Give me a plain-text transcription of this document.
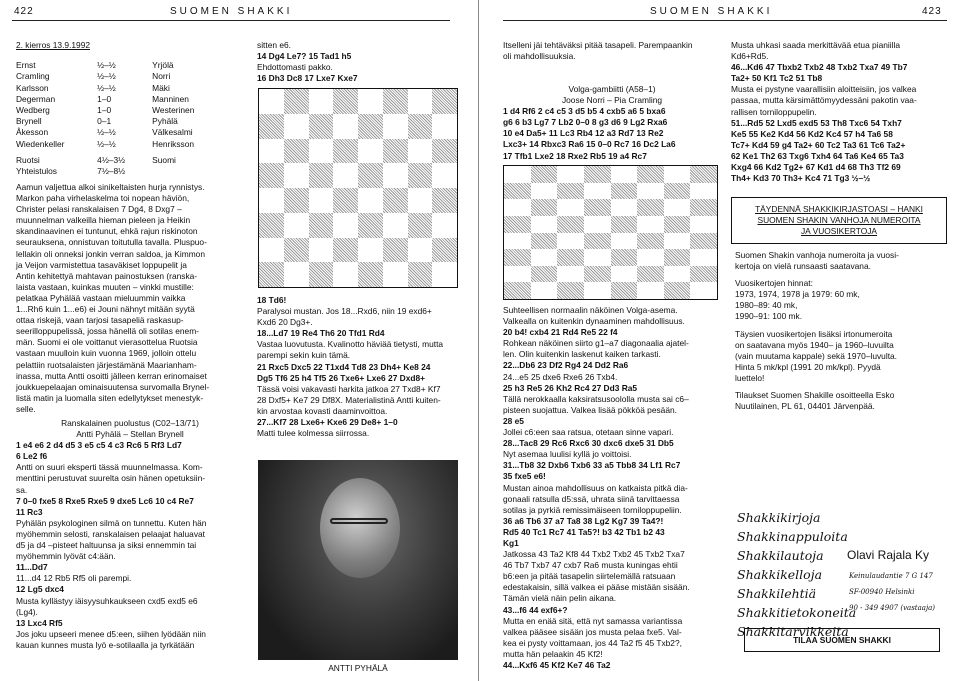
422	SUOMEN SHAKKI	SUOMEN SHAKKI	423

2. kierros 13.9.1992

Ernst	½–½	Yrjölä
Cramling	½–½	Norri
Karlsson	½–½	Mäki
Degerman	1–0	Manninen
Wedberg	1–0	Westerinen
Brynell	0–1	Pyhälä
Åkesson	½–½	Välkesalmi
Wiedenkeller	½–½	Henriksson
Ruotsi	4½–3½	Suomi
Yhteistulos	7½–8½	

Aamun valjettua alkoi sinikeltaisten hurja rynnistys.

Markon paha virhelaskelma toi nopean häviön,

Christer pelasi ranskalaisen 7 Dg4, 8 Dxg7 –

muunnelman valkeilla hieman pieleen ja Heikin

skandinaavinen ei tuntunut, ehkä rajun riskinoton

seurauksena, onnistuvan toitutulla tavalla. Pluspuo-

lellakin oli onneksi jonkin verran saldoa, ja Kimmon

ja Veijon varmistettua tasaväkiset loppupelit ja

Antin kehitettyä mahtavan painostuksen (ranska-

laista vastaan, kuinkas muuten – vinkki mustille:

pelatkaa Pyhälää vastaan mieluummin vaikka

1...Rh6 kuin 1...e6) ei Jouni nähnyt mitään syytä

ottaa riskejä, vaan tarjosi tasapeliä raskasup-

seerilloppupelissä, jossa hänellä oli sotilas enem-

män. Suomi ei ole voittanut vierasottelua Ruotsia

vastaan muulloin kuin vuonna 1969, jolloin ottelu

pelattiin ruotsalaisten järjestämänä Maarianham-

inassa, mutta Antti osoitti jälleen kerran erinomaiset

joukkuepelaajan ominaisuutensa survomalla Brynel-

listä matin ja luomalla siten edellytykset menestyk-

selle.

Ranskalainen puolustus (C02–13/71)

Antti Pyhälä – Stellan Brynell

1 e4 e6 2 d4 d5 3 e5 c5 4 c3 Rc6 5 Rf3 Ld7

6 Le2 f6

Antti on suuri eksperti tässä muunnelmassa. Kom-

menttini perustuvat suurelta osin hänen opetuksiin-

sa.

7 0–0 fxe5 8 Rxe5 Rxe5 9 dxe5 Lc6 10 c4 Re7

11 Rc3

Pyhälän psykologinen silmä on tunnettu. Kuten hän

myöhemmin selosti, ranskalaisen pelaajat haluavat

d5 ja d4 –pisteet haltuunsa ja siksi ennemmin tai

myöhemmin lyövät c4:ään.

11...Dd7

11...d4 12 Rb5 Rf5 oli parempi.

12 Lg5 dxc4

Musta kyllästyy iäisyysuhkaukseen cxd5 exd5 e6

(Lg4).

13 Lxc4 Rf5

Jos joku upseeri menee d5:een, siihen lyödään niin

kauan kunnes musta lyö e-sotilaalla ja tyrkätään

sitten e6.

14 Dg4 Le7? 15 Tad1 h5

Ehdottomasti pakko.

16 Dh3 Dc8 17 Lxe7 Kxe7

18 Td6!

Paralysoi mustan. Jos 18...Rxd6, niin 19 exd6+

Kxd6 20 Dg3+.

18...Ld7 19 Re4 Th6 20 Tfd1 Rd4

Vastaa luovutusta. Kvalinotto häviää tietysti, mutta

parempi sekin kuin tämä.

21 Rxc5 Dxc5 22 T1xd4 Td8 23 Dh4+ Ke8 24

Dg5 Tf6 25 h4 Tf5 26 Txe6+ Lxe6 27 Dxd8+

Tässä voisi vakavasti harkita jatkoa 27 Txd8+ Kf7

28 Dxf5+ Ke7 29 Df8X. Materialistinä Antti kuiten-

kin arvostaa kovasti daaminvoittoa.

27...Kf7 28 Lxe6+ Kxe6 29 De8+ 1–0

Matti tulee kolmessa siirrossa.

ANTTI PYHÄLÄ

Itselleni jäi tehtäväksi pitää tasapeli. Parempaankin

oli mahdollisuuksia.

Volga-gambiitti (A58–1)

Joose Norri – Pia Cramling

1 d4 Rf6 2 c4 c5 3 d5 b5 4 cxb5 a6 5 bxa6

g6 6 b3 Lg7 7 Lb2 0–0 8 g3 d6 9 Lg2 Rxa6

10 e4 Da5+ 11 Lc3 Rb4 12 a3 Rd7 13 Re2

Lxc3+ 14 Rbxc3 Ra6 15 0–0 Rc7 16 Dc2 La6

17 Tfb1 Lxe2 18 Rxe2 Rb5 19 a4 Rc7

Suhteellisen normaalin näköinen Volga-asema.

Valkealla on kuitenkin dynaaminen mahdollisuus.

20 b4! cxb4 21 Rd4 Re5 22 f4

Rohkean näköinen siirto g1–a7 diagonaalia ajatel-

len. Olin kuitenkin laskenut kaiken tarkasti.

22...Db6 23 Df2 Rg4 24 Dd2 Ra6

24...e5 25 dxe6 Rxe6 26 Txb4.

25 h3 Re5 26 Kh2 Rc4 27 Dd3 Ra5

Tällä nerokkaalla kaksiratsusoololla musta sai c6–

pisteen suojattua. Valkea lisää pökköä pesään.

28 e5

Jollei c6:een saa ratsua, otetaan sinne vapari.

28...Tac8 29 Rc6 Rxc6 30 dxc6 dxe5 31 Db5

Nyt asemaa luulisi kyllä jo voittoisi.

31...Tb8 32 Dxb6 Txb6 33 a5 Tbb8 34 Lf1 Rc7

35 fxe5 e6!

Mustan ainoa mahdollisuus on katkaista pitkä dia-

gonaali ratsulla d5:ssä, uhrata siinä tarvittaessa

sotilas ja pyrkiä remissimäiseen torniloppupeliin.

36 a6 Tb6 37 a7 Ta8 38 Lg2 Kg7 39 Ta4?!

Rd5 40 Tc1 Rc7 41 Ta5?! b3 42 Tb1 b2 43

Kg1

Jatkossa 43 Ta2 Kf8 44 Txb2 Txb2 45 Txb2 Txa7

46 Tb7 Txb7 47 cxb7 Ra6 musta kuningas ehtii

b6:een ja pitää tasapelin siirtelemällä ratsuaan

edestakaisin, sillä valkea ei pääse mistään sisään.

Tämän vielä näin pelin aikana.

43...f6 44 exf6+?

Mutta en enää sitä, että nyt samassa variantissa

valkea pääsee sisään jos musta pelaa fxe5. Val-

kea ei pysty voittamaan, jos 44 Ta2 f5 45 Txb2?,

mutta hän pelaakin 45 Kf2!

44...Kxf6 45 Kf2 Ke7 46 Ta2

Musta uhkasi saada merkittävää etua pianiilla

Kd6+Rd5.

46...Kd6 47 Tbxb2 Txb2 48 Txb2 Txa7 49 Tb7

Ta2+ 50 Kf1 Tc2 51 Tb8

Musta ei pystyne vaarallisiin aloitteisiin, jos valkea

passaa, mutta kärsimättömyydessäni pakotin vaa-

rallisen torniloppupelin.

51...Rd5 52 Lxd5 exd5 53 Th8 Txc6 54 Txh7

Ke5 55 Ke2 Kd4 56 Kd2 Kc4 57 h4 Ta6 58

Tc7+ Kd4 59 g4 Ta2+ 60 Tc2 Ta3 61 Tc6 Ta2+

62 Ke1 Th2 63 Txg6 Txh4 64 Ta6 Ke4 65 Ta3

Kxg4 66 Kd2 Tg2+ 67 Kd1 d4 68 Th3 Tf2 69

Th4+ Kd3 70 Th3+ Kc4 71 Tg3 ½–½

TÄYDENNÄ SHAKKIKIRJASTOASI – HANKI

SUOMEN SHAKIN VANHOJA NUMEROITA

JA VUOSIKERTOJA

Suomen Shakin vanhoja numeroita ja vuosi-

kertoja on vielä runsaasti saatavana.

Vuosikertojen hinnat:

1973, 1974, 1978 ja 1979: 60 mk,

1980–89: 40 mk,

1990–91: 100 mk.

Täysien vuosikertojen lisäksi irtonumeroita

on saatavana myös 1940– ja 1960–luvuilta

(vain muutama kappale) sekä 1970–luvulta.

Hinta 5 mk/kpl (1991 20 mk/kpl). Pyydä

luettelo!

Tilaukset Suomen Shakille osoitteella Esko

Nuutilainen, PL 61, 04401 Järvenpää.

Shakkikirjoja
Shakkinappuloita
Shakkilautoja
Shakkikelloja
Shakkilehtiä
Shakkitietokoneita
Shakkitarvikkeita
Olavi Rajala Ky
Keinulaudantie 7 G 147
SF-00940 Helsinki
90 - 349 4907 (vastaaja)
TILAA SUOMEN SHAKKI
